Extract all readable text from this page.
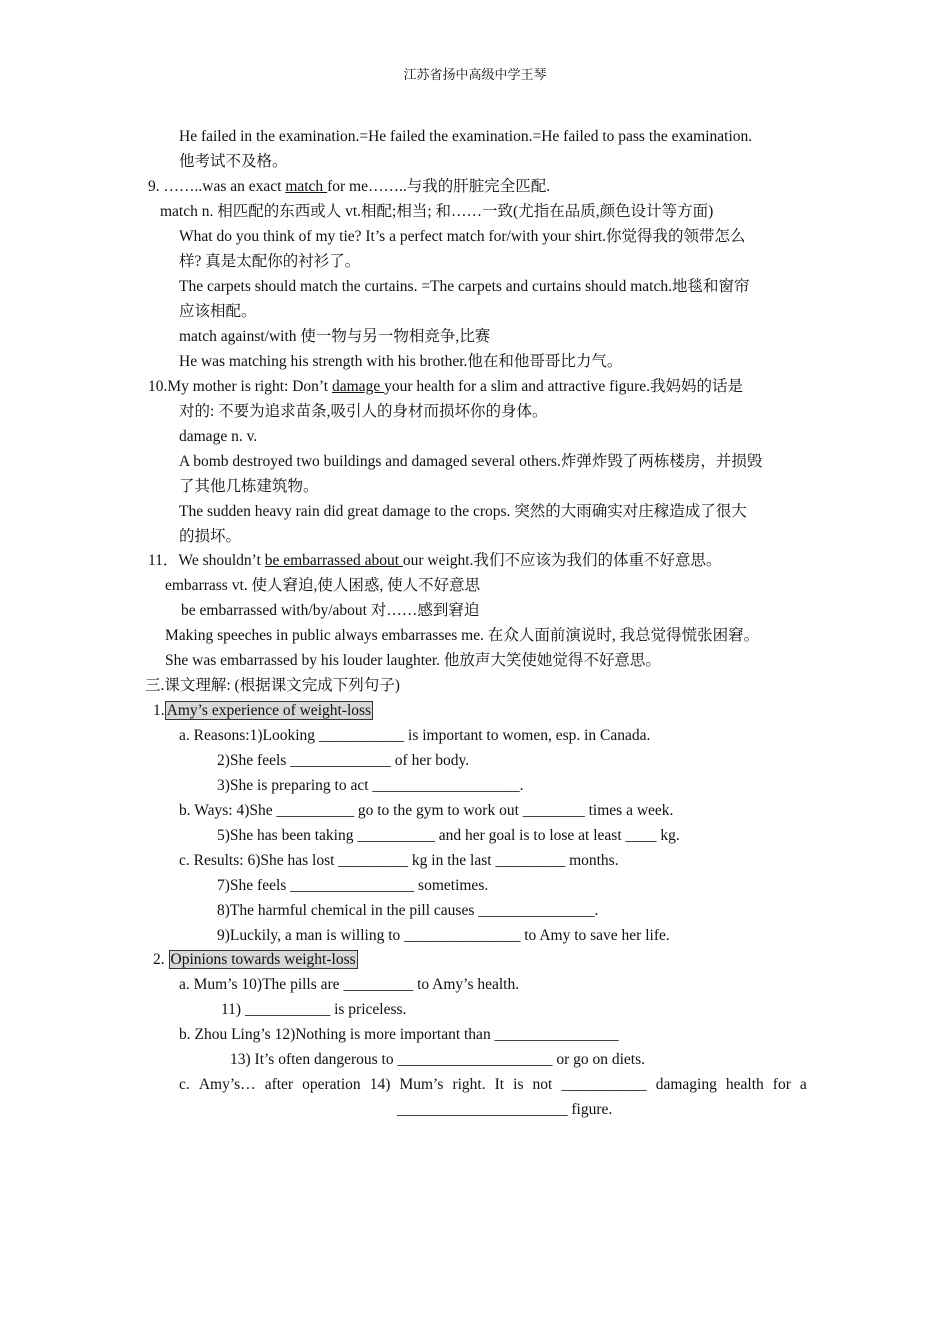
江苏省扬中高级中学王琴
He failed in the examination.=He failed the examination.=He failed to pass the examination.
他考试不及格。
9. ……..was an exact match for me……..与我的肝脏完全匹配.
match n. 相匹配的东西或人 vt.相配;相当; 和……一致(尤指在品质,颜色设计等方面)
What do you think of my tie? It’s a perfect match for/with your shirt.你觉得我的领带怎么
样? 真是太配你的衬衫了。
The carpets should match the curtains. =The carpets and curtains should match.地毯和窗帘
应该相配。
match against/with 使一物与另一物相竞争,比赛
He was matching his strength with his brother.他在和他哥哥比力气。
10.My mother is right: Don’t damage your health for a slim and attractive figure.我妈妈的话是
对的: 不要为追求苗条,吸引人的身材而损坏你的身体。
damage n. v.
A bomb destroyed two buildings and damaged several others.炸弹炸毁了两栋楼房，并损毁
了其他几栋建筑物。
The sudden heavy rain did great damage to the crops. 突然的大雨确实对庄稼造成了很大
的损坏。
11．We shouldn’t be embarrassed about our weight.我们不应该为我们的体重不好意思。
embarrass vt. 使人窘迫,使人困惑, 使人不好意思
be embarrassed with/by/about 对……感到窘迫
Making speeches in public always embarrasses me. 在众人面前演说时, 我总觉得慌张困窘。
She was embarrassed by his louder laughter. 他放声大笑使她觉得不好意思。
三.课文理解: (根据课文完成下列句子)
1. Amy’s experience of weight-loss
a. Reasons:1)Looking ___________ is important to women, esp. in Canada.
2)She feels _____________ of her body.
3)She is preparing to act ___________________.
b. Ways: 4)She __________ go to the gym to work out ________ times a week.
5)She has been taking __________ and her goal is to lose at least ____ kg.
c. Results: 6)She has lost _________ kg in the last _________ months.
7)She feels ________________ sometimes.
8)The harmful chemical in the pill causes _______________.
9)Luckily, a man is willing to _______________ to Amy to save her life.
2. Opinions towards weight-loss
a. Mum’s 10)The pills are _________ to Amy’s health.
11) ___________ is priceless.
b. Zhou Ling’s 12)Nothing is more important than ________________
13) It’s often dangerous to ____________________ or go on diets.
c. Amy’s… after operation 14) Mum’s right. It is not ___________ damaging health for a
______________________ figure.
